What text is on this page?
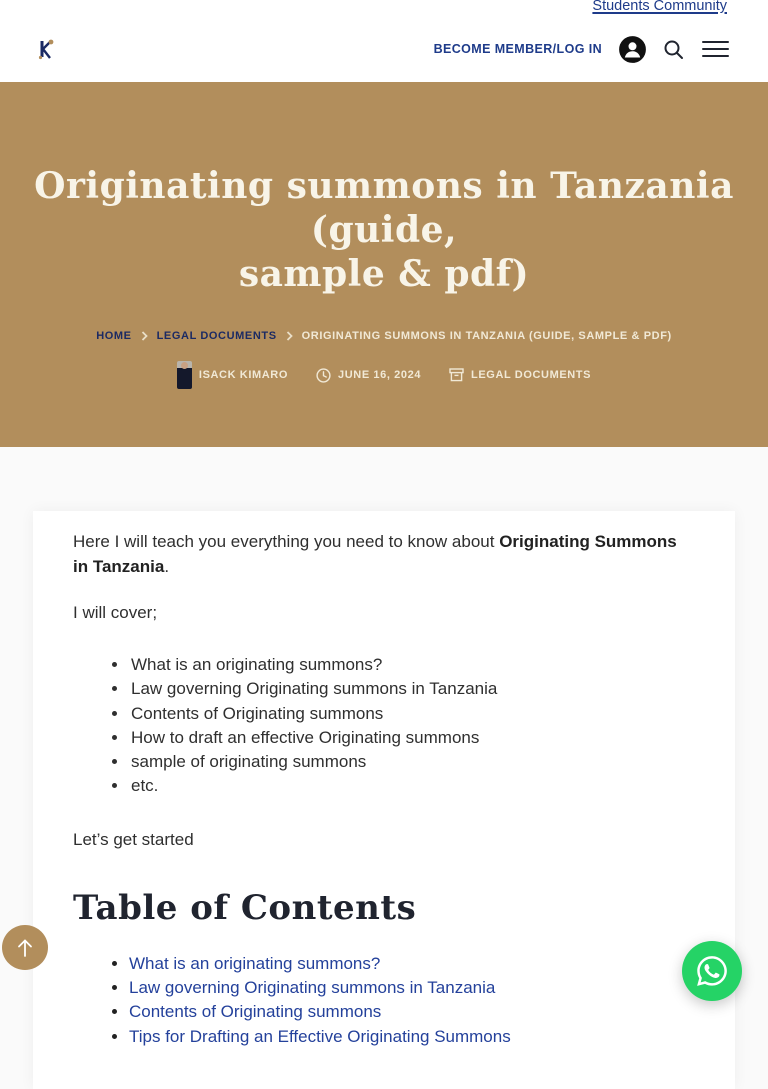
Students Community
BECOME MEMBER/LOG IN
Originating summons in Tanzania (guide,
sample & pdf)
HOME LEGAL DOCUMENTS ORIGINATING SUMMONS IN TANZANIA (GUIDE, SAMPLE & PDF)
ISACK KIMARO	JUNE 16, 2024	LEGAL DOCUMENTS

Here I will teach you everything you need to know about Originating Summons in Tanzania.

I will cover;

• What is an originating summons?
• Law governing Originating summons in Tanzania
• Contents of Originating summons
• How to draft an effective Originating summons
• sample of originating summons
• etc.

Let’s get started

Table of Contents
• What is an originating summons?
• Law governing Originating summons in Tanzania
• Contents of Originating summons
• Tips for Drafting an Effective Originating Summons
